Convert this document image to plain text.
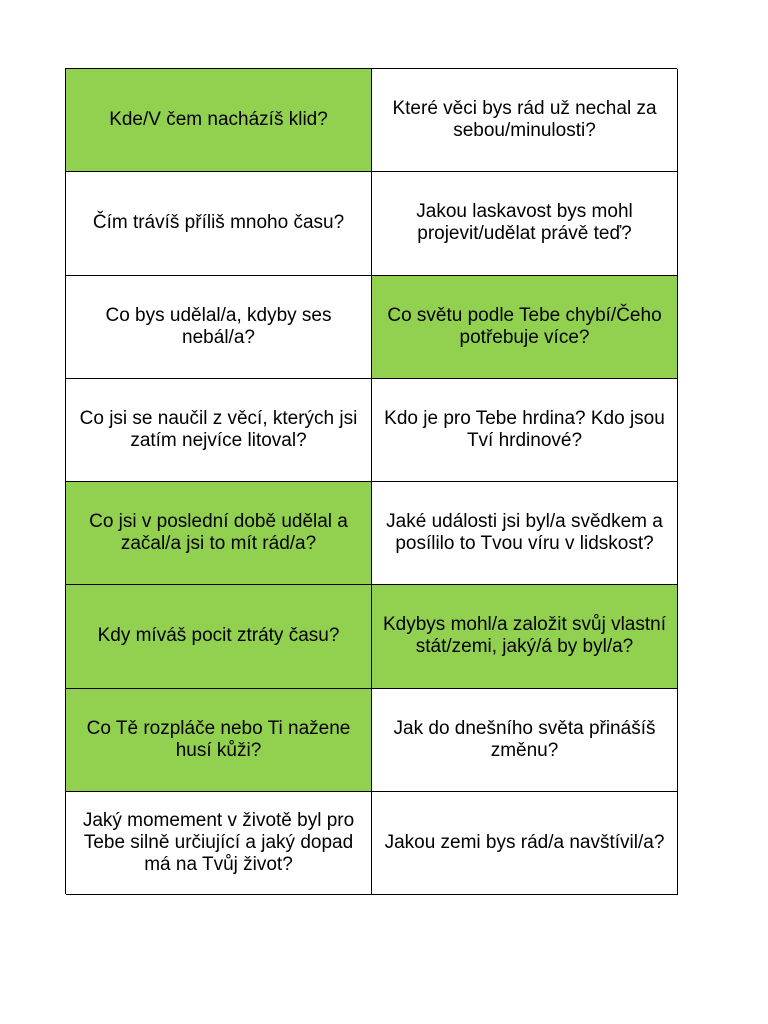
Kde/V čem nacházíš klid?
Které věci bys rád už nechal za sebou/minulosti?
Čím trávíš příliš mnoho času?
Jakou laskavost bys mohl projevit/udělat právě teď?
Co bys udělal/a, kdyby ses nebál/a?
Co světu podle Tebe chybí/Čeho potřebuje více?
Co jsi se naučil z věcí, kterých jsi zatím nejvíce litoval?
Kdo je pro Tebe hrdina? Kdo jsou Tví hrdinové?
Co jsi v poslední době udělal a začal/a jsi to mít rád/a?
Jaké události jsi byl/a svědkem a posílilo to Tvou víru v lidskost?
Kdy míváš pocit ztráty času?
Kdybys mohl/a založit svůj vlastní stát/zemi, jaký/á by byl/a?
Co Tě rozpláče nebo Ti nažene husí kůži?
Jak do dnešního světa přinášíš změnu?
Jaký momement v životě byl pro Tebe silně určiující a jaký dopad má na Tvůj život?
Jakou zemi bys rád/a navštívil/a?
